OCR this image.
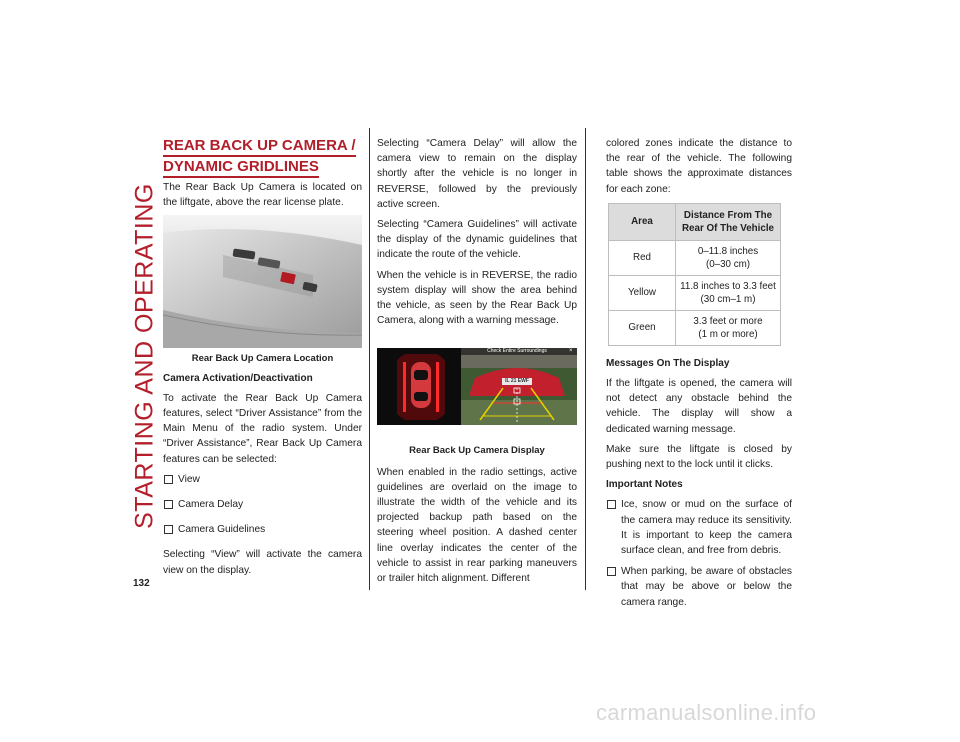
STARTING AND OPERATING
132
REAR BACK UP CAMERA /
DYNAMIC GRIDLINES

The Rear Back Up Camera is located on the liftgate, above the rear license plate.

Rear Back Up Camera Location
Camera Activation/Deactivation

To activate the Rear Back Up Camera features, select “Driver Assistance” from the Main Menu of the radio system. Under “Driver Assistance”, Rear Back Up Camera features can be selected:

View
Camera Delay
Camera Guidelines

Selecting “View” will activate the camera view on the display.

Selecting “Camera Delay” will allow the camera view to remain on the display shortly after the vehicle is no longer in REVERSE, followed by the previously active screen.

Selecting “Camera Guidelines” will activate the display of the dynamic guidelines that indicate the route of the vehicle.

When the vehicle is in REVERSE, the radio system display will show the area behind the vehicle, as seen by the Rear Back Up Camera, along with a warning message.

Check Entire Surroundings	×
IL 21 EWF
Rear Back Up Camera Display

When enabled in the radio settings, active guidelines are overlaid on the image to illustrate the width of the vehicle and its projected backup path based on the steering wheel position. A dashed center line overlay indicates the center of the vehicle to assist in rear parking maneuvers or trailer hitch alignment. Different

colored zones indicate the distance to the rear of the vehicle. The following table shows the approximate distances for each zone:

Area	Distance From The Rear Of The Vehicle
Red	0–11.8 inches
(0–30 cm)
Yellow	11.8 inches to 3.3 feet
(30 cm–1 m)
Green	3.3 feet or more
(1 m or more)
Messages On The Display

If the liftgate is opened, the camera will not detect any obstacle behind the vehicle. The display will show a dedicated warning message.

Make sure the liftgate is closed by pushing next to the lock until it clicks.

Important Notes
Ice, snow or mud on the surface of the camera may reduce its sensitivity. It is important to keep the camera surface clean, and free from debris.
When parking, be aware of obstacles that may be above or below the camera range.
carmanualsonline.info
